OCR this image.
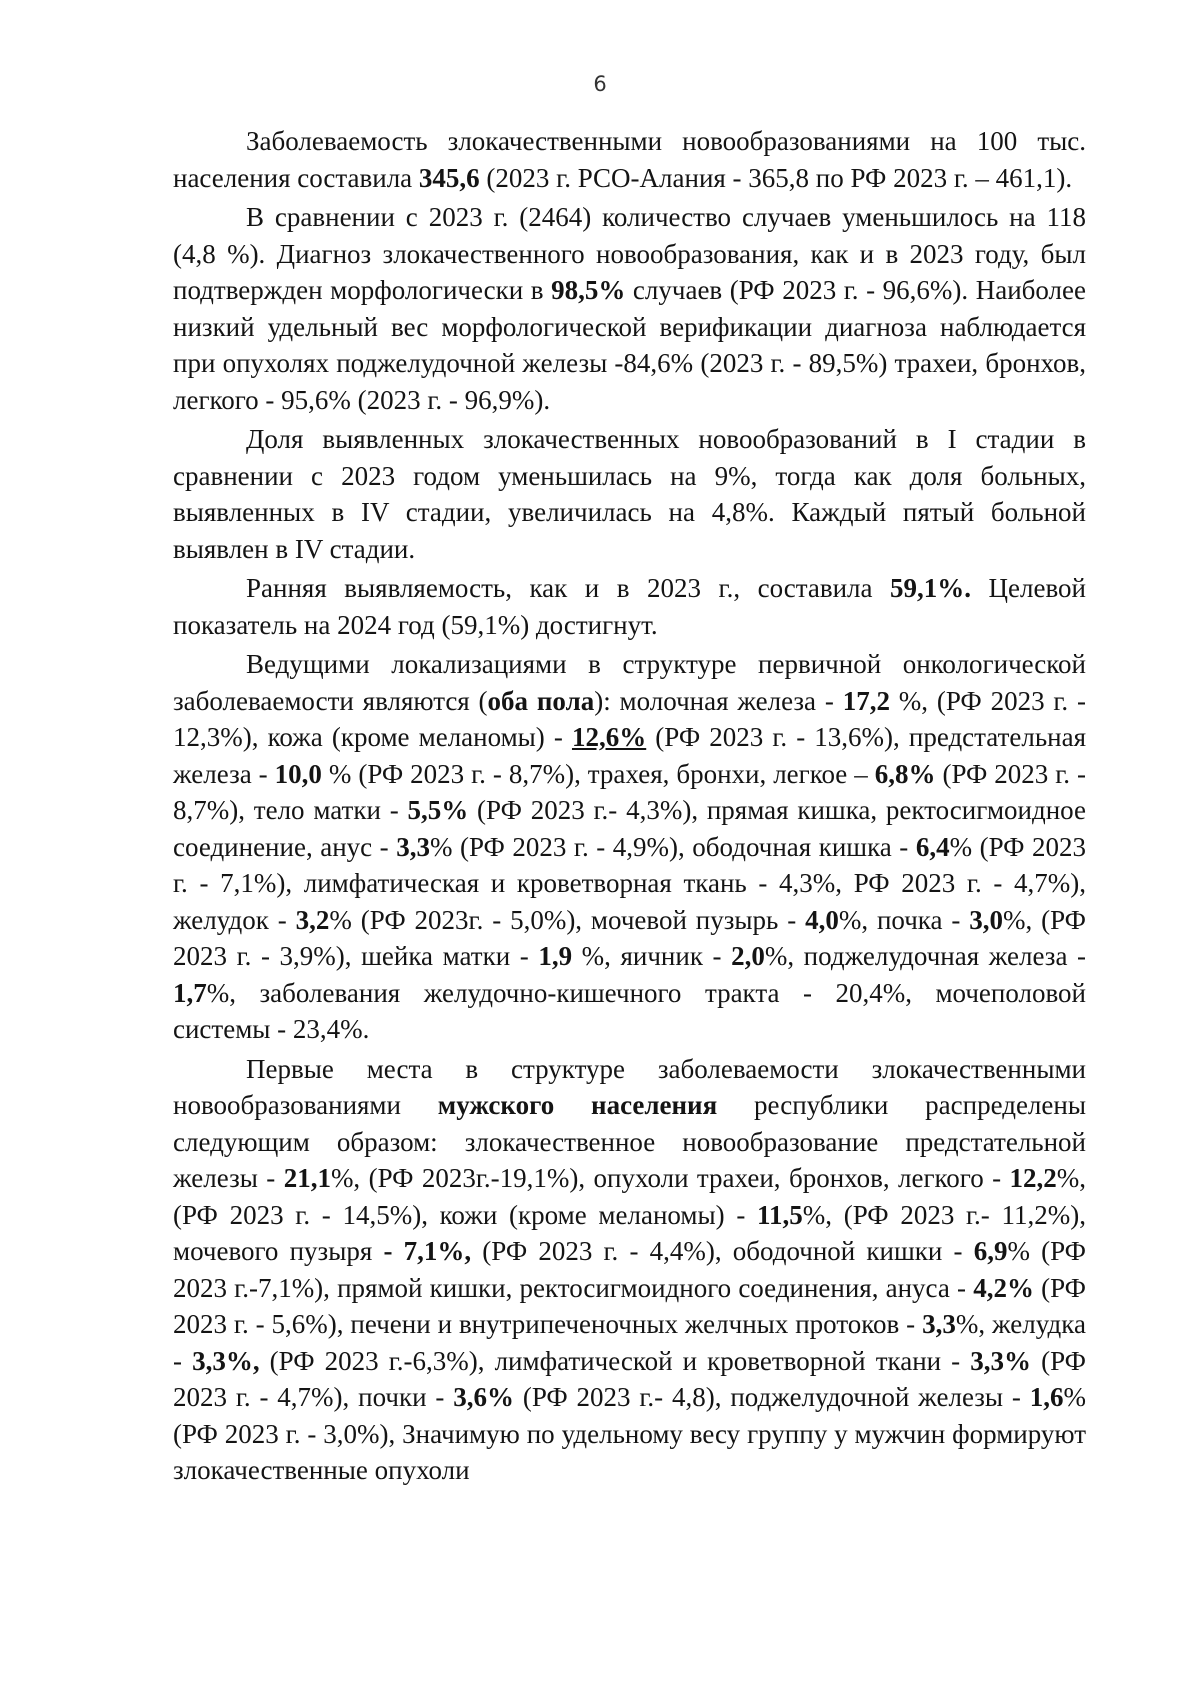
6

Заболеваемость злокачественными новообразованиями на 100 тыс. населения составила 345,6 (2023 г. РСО-Алания - 365,8 по РФ 2023 г. – 461,1).

В сравнении с 2023 г. (2464) количество случаев уменьшилось на 118 (4,8 %). Диагноз злокачественного новообразования, как и в 2023 году, был подтвержден морфологически в 98,5% случаев (РФ 2023 г. - 96,6%). Наиболее низкий удельный вес морфологической верификации диагноза наблюдается при опухолях поджелудочной железы -84,6% (2023 г. - 89,5%) трахеи, бронхов, легкого - 95,6% (2023 г. - 96,9%).

Доля выявленных злокачественных новообразований в I стадии в сравнении с 2023 годом уменьшилась на 9%, тогда как доля больных, выявленных в IV стадии, увеличилась на 4,8%. Каждый пятый больной выявлен в IV стадии.

Ранняя выявляемость, как и в 2023 г., составила 59,1%. Целевой показатель на 2024 год (59,1%) достигнут.

Ведущими локализациями в структуре первичной онкологической заболеваемости являются (оба пола): молочная железа - 17,2 %, (РФ 2023 г. - 12,3%), кожа (кроме меланомы) - 12,6% (РФ 2023 г. - 13,6%), предстательная железа - 10,0 % (РФ 2023 г. - 8,7%), трахея, бронхи, легкое – 6,8% (РФ 2023 г. - 8,7%), тело матки - 5,5% (РФ 2023 г.- 4,3%), прямая кишка, ректосигмоидное соединение, анус - 3,3% (РФ 2023 г. - 4,9%), ободочная кишка - 6,4% (РФ 2023 г. - 7,1%), лимфатическая и кроветворная ткань - 4,3%, РФ 2023 г. - 4,7%), желудок - 3,2% (РФ 2023г. - 5,0%), мочевой пузырь - 4,0%, почка - 3,0%, (РФ 2023 г. - 3,9%), шейка матки - 1,9 %, яичник - 2,0%, поджелудочная железа - 1,7%, заболевания желудочно-кишечного тракта - 20,4%, мочеполовой системы - 23,4%.

Первые места в структуре заболеваемости злокачественными новообразованиями мужского населения республики распределены следующим образом: злокачественное новообразование предстательной железы - 21,1%, (РФ 2023г.-19,1%), опухоли трахеи, бронхов, легкого - 12,2%, (РФ 2023 г. - 14,5%), кожи (кроме меланомы) - 11,5%, (РФ 2023 г.- 11,2%), мочевого пузыря - 7,1%, (РФ 2023 г. - 4,4%), ободочной кишки - 6,9% (РФ 2023 г.-7,1%), прямой кишки, ректосигмоидного соединения, ануса - 4,2% (РФ 2023 г. - 5,6%), печени и внутрипеченочных желчных протоков - 3,3%, желудка - 3,3%, (РФ 2023 г.-6,3%), лимфатической и кроветворной ткани - 3,3% (РФ 2023 г. - 4,7%), почки - 3,6% (РФ 2023 г.- 4,8), поджелудочной железы - 1,6% (РФ 2023 г. - 3,0%), Значимую по удельному весу группу у мужчин формируют злокачественные опухоли
